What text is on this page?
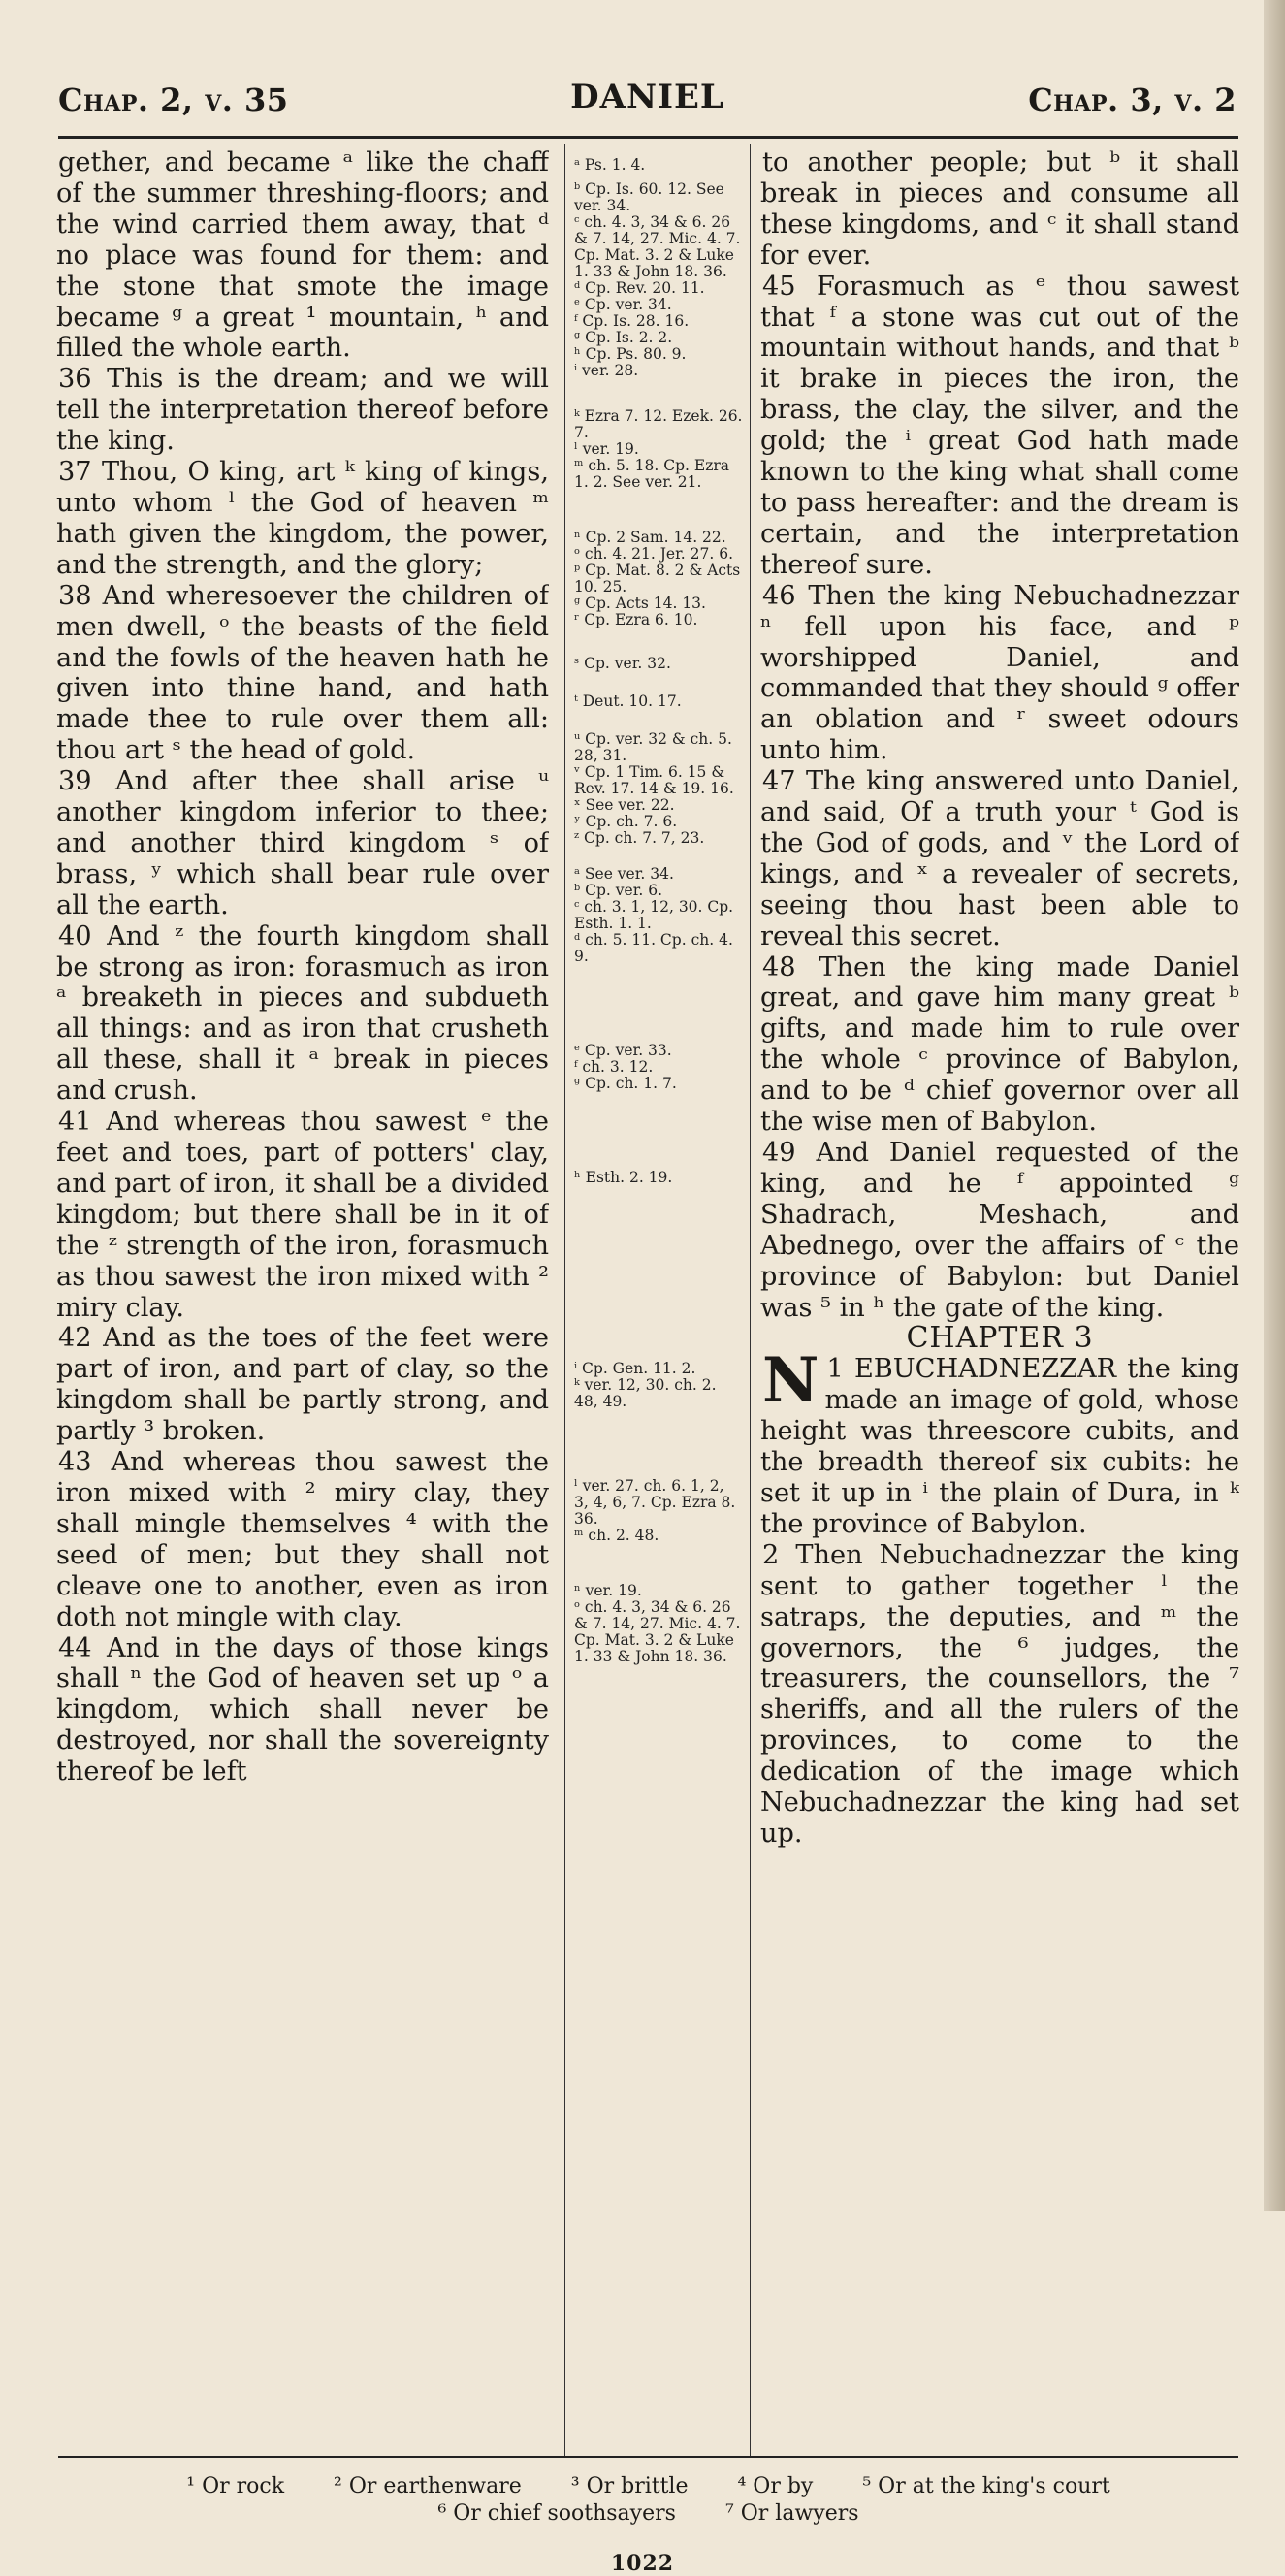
Chap. 2, v. 35	DANIEL	Chap. 3, v. 2

gether, and became ᵃ like the chaff of the summer threshing-floors; and the wind carried them away, that ᵈ no place was found for them: and the stone that smote the image became ᵍ a great ¹ mountain, ʰ and filled the whole earth.

36 This is the dream; and we will tell the interpretation thereof before the king.

37 Thou, O king, art ᵏ king of kings, unto whom ˡ the God of heaven ᵐ hath given the kingdom, the power, and the strength, and the glory;

38 And wheresoever the children of men dwell, ᵒ the beasts of the field and the fowls of the heaven hath he given into thine hand, and hath made thee to rule over them all: thou art ˢ the head of gold.

39 And after thee shall arise ᵘ another kingdom inferior to thee; and another third kingdom ˢ of brass, ʸ which shall bear rule over all the earth.

40 And ᶻ the fourth kingdom shall be strong as iron: forasmuch as iron ᵃ breaketh in pieces and subdueth all things: and as iron that crusheth all these, shall it ᵃ break in pieces and crush.

41 And whereas thou sawest ᵉ the feet and toes, part of potters' clay, and part of iron, it shall be a divided kingdom; but there shall be in it of the ᶻ strength of the iron, forasmuch as thou sawest the iron mixed with ² miry clay.

42 And as the toes of the feet were part of iron, and part of clay, so the kingdom shall be partly strong, and partly ³ broken.

43 And whereas thou sawest the iron mixed with ² miry clay, they shall mingle themselves ⁴ with the seed of men; but they shall not cleave one to another, even as iron doth not mingle with clay.

44 And in the days of those kings shall ⁿ the God of heaven set up ᵒ a kingdom, which shall never be destroyed, nor shall the sovereignty thereof be left

ᵃ Ps. 1. 4.

ᵇ Cp. Is. 60. 12. See ver. 34.

ᶜ ch. 4. 3, 34 & 6. 26 & 7. 14, 27. Mic. 4. 7. Cp. Mat. 3. 2 & Luke 1. 33 & John 18. 36.

ᵈ Cp. Rev. 20. 11.

ᵉ Cp. ver. 34.

ᶠ Cp. Is. 28. 16.

ᵍ Cp. Is. 2. 2.

ʰ Cp. Ps. 80. 9.

ⁱ ver. 28.

ᵏ Ezra 7. 12. Ezek. 26. 7.

ˡ ver. 19.

ᵐ ch. 5. 18. Cp. Ezra 1. 2. See ver. 21.

ⁿ Cp. 2 Sam. 14. 22.

ᵒ ch. 4. 21. Jer. 27. 6.

ᵖ Cp. Mat. 8. 2 & Acts 10. 25.

ᵍ Cp. Acts 14. 13.

ʳ Cp. Ezra 6. 10.

ˢ Cp. ver. 32.

ᵗ Deut. 10. 17.

ᵘ Cp. ver. 32 & ch. 5. 28, 31.

ᵛ Cp. 1 Tim. 6. 15 & Rev. 17. 14 & 19. 16.

ˣ See ver. 22.

ʸ Cp. ch. 7. 6.

ᶻ Cp. ch. 7. 7, 23.

ᵃ See ver. 34.

ᵇ Cp. ver. 6.

ᶜ ch. 3. 1, 12, 30. Cp. Esth. 1. 1.

ᵈ ch. 5. 11. Cp. ch. 4. 9.

ᵉ Cp. ver. 33.

ᶠ ch. 3. 12.

ᵍ Cp. ch. 1. 7.

ʰ Esth. 2. 19.

ⁱ Cp. Gen. 11. 2.

ᵏ ver. 12, 30. ch. 2. 48, 49.

ˡ ver. 27. ch. 6. 1, 2, 3, 4, 6, 7. Cp. Ezra 8. 36.

ᵐ ch. 2. 48.

ⁿ ver. 19.

ᵒ ch. 4. 3, 34 & 6. 26 & 7. 14, 27. Mic. 4. 7. Cp. Mat. 3. 2 & Luke 1. 33 & John 18. 36.

to another people; but ᵇ it shall break in pieces and consume all these kingdoms, and ᶜ it shall stand for ever.

45 Forasmuch as ᵉ thou sawest that ᶠ a stone was cut out of the mountain without hands, and that ᵇ it brake in pieces the iron, the brass, the clay, the silver, and the gold; the ⁱ great God hath made known to the king what shall come to pass hereafter: and the dream is certain, and the interpretation thereof sure.

46 Then the king Nebuchadnezzar ⁿ fell upon his face, and ᵖ worshipped Daniel, and commanded that they should ᵍ offer an oblation and ʳ sweet odours unto him.

47 The king answered unto Daniel, and said, Of a truth your ᵗ God is the God of gods, and ᵛ the Lord of kings, and ˣ a revealer of secrets, seeing thou hast been able to reveal this secret.

48 Then the king made Daniel great, and gave him many great ᵇ gifts, and made him to rule over the whole ᶜ province of Babylon, and to be ᵈ chief governor over all the wise men of Babylon.

49 And Daniel requested of the king, and he ᶠ appointed ᵍ Shadrach, Meshach, and Abednego, over the affairs of ᶜ the province of Babylon: but Daniel was ⁵ in ʰ the gate of the king.

CHAPTER 3

1
N EBUCHADNEZZAR the king made an image of gold, whose height was threescore cubits, and the breadth thereof six cubits: he set it up in ⁱ the plain of Dura, in ᵏ the province of Babylon.

2 Then Nebuchadnezzar the king sent to gather together ˡ the satraps, the deputies, and ᵐ the governors, the ⁶ judges, the treasurers, the counsellors, the ⁷ sheriffs, and all the rulers of the provinces, to come to the dedication of the image which Nebuchadnezzar the king had set up.

¹ Or rock ² Or earthenware ³ Or brittle ⁴ Or by ⁵ Or at the king's court
⁶ Or chief soothsayers ⁷ Or lawyers
1022
